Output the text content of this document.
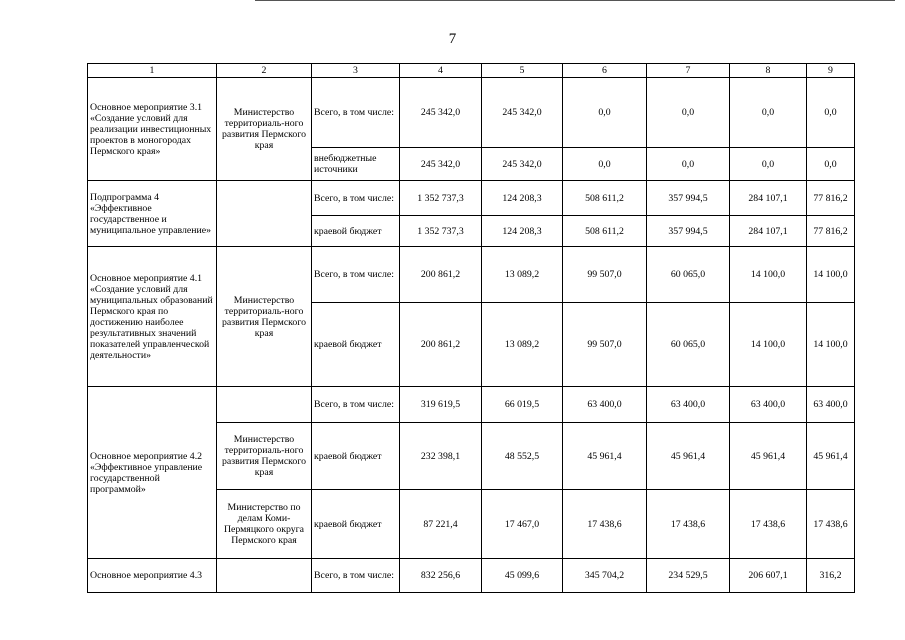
7
1	2	3	4	5	6	7	8	9
Основное мероприятие 3.1 «Создание условий для реализации инвестиционных проектов в моногородах Пермского края»	Министерство территориаль-ного развития Пермского края	Всего, в том числе:	245 342,0	245 342,0	0,0	0,0	0,0	0,0
		внебюджетные источники	245 342,0	245 342,0	0,0	0,0	0,0	0,0
Подпрограмма 4 «Эффективное государственное и муниципальное управление»		Всего, в том числе:	1 352 737,3	124 208,3	508 611,2	357 994,5	284 107,1	77 816,2
		краевой бюджет	1 352 737,3	124 208,3	508 611,2	357 994,5	284 107,1	77 816,2
Основное мероприятие 4.1 «Создание условий для муниципальных образований Пермского края по достижению наиболее результативных значений показателей управленческой деятельности»	Министерство территориаль-ного развития Пермского края	Всего, в том числе:	200 861,2	13 089,2	99 507,0	60 065,0	14 100,0	14 100,0
		краевой бюджет	200 861,2	13 089,2	99 507,0	60 065,0	14 100,0	14 100,0
Основное мероприятие 4.2 «Эффективное управление государственной программой»		Всего, в том числе:	319 619,5	66 019,5	63 400,0	63 400,0	63 400,0	63 400,0
	Министерство территориаль-ного развития Пермского края	краевой бюджет	232 398,1	48 552,5	45 961,4	45 961,4	45 961,4	45 961,4
	Министерство по делам Коми-Пермяцкого округа Пермского края	краевой бюджет	87 221,4	17 467,0	17 438,6	17 438,6	17 438,6	17 438,6
Основное мероприятие 4.3		Всего, в том числе:	832 256,6	45 099,6	345 704,2	234 529,5	206 607,1	316,2
